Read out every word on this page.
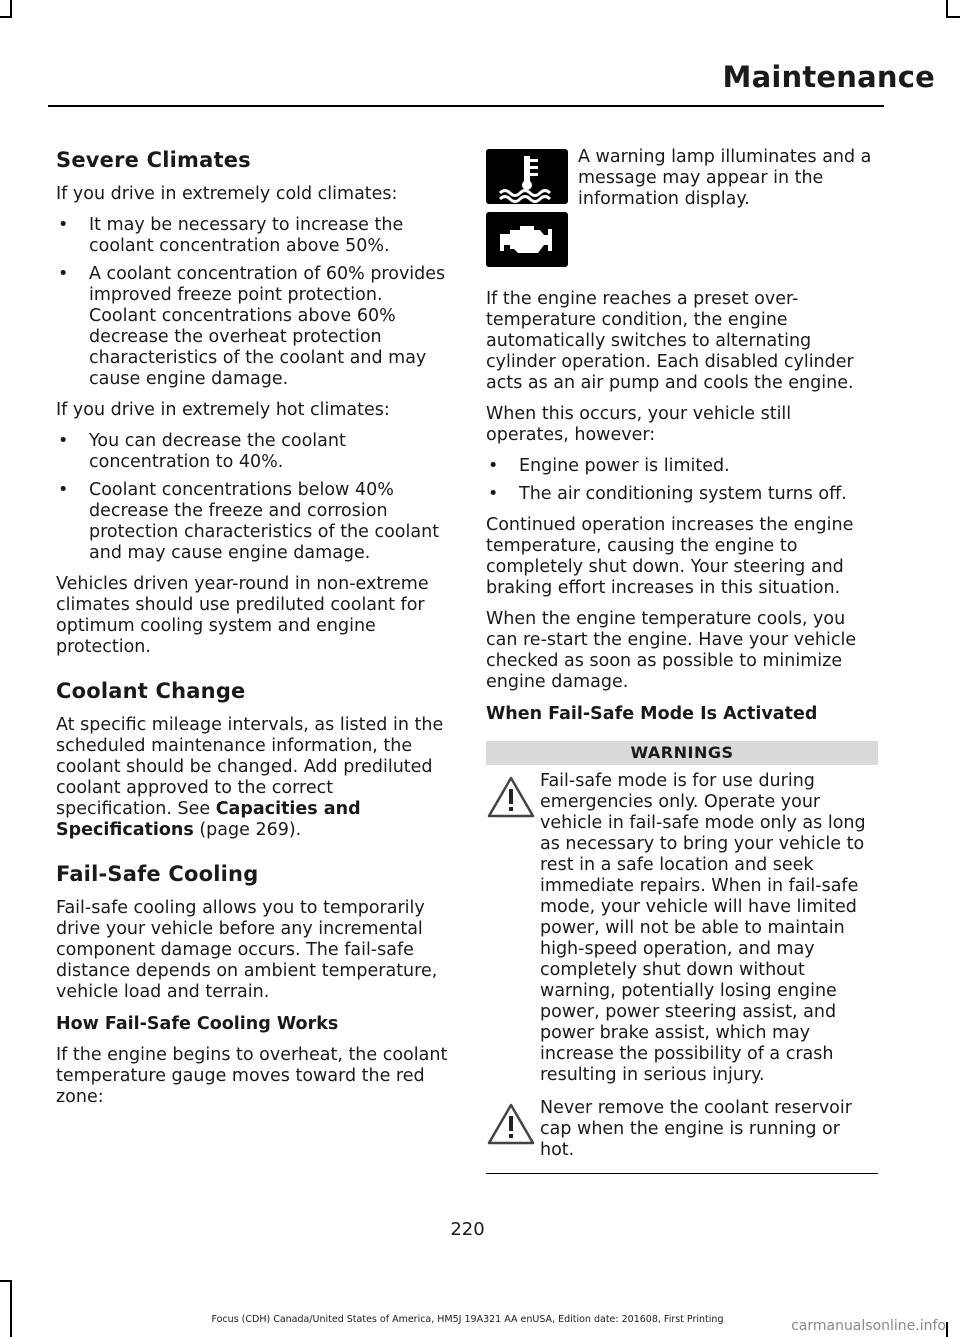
Maintenance
Severe Climates

If you drive in extremely cold climates:

• It may be necessary to increase the coolant concentration above 50%.
• A coolant concentration of 60% provides improved freeze point protection. Coolant concentrations above 60% decrease the overheat protection characteristics of the coolant and may cause engine damage.

If you drive in extremely hot climates:

• You can decrease the coolant concentration to 40%.
• Coolant concentrations below 40% decrease the freeze and corrosion protection characteristics of the coolant and may cause engine damage.

Vehicles driven year-round in non-extreme climates should use prediluted coolant for optimum cooling system and engine protection.

Coolant Change

At specific mileage intervals, as listed in the scheduled maintenance information, the coolant should be changed. Add prediluted coolant approved to the correct specification. See Capacities and Specifications (page 269).

Fail-Safe Cooling

Fail-safe cooling allows you to temporarily drive your vehicle before any incremental component damage occurs. The fail-safe distance depends on ambient temperature, vehicle load and terrain.

How Fail-Safe Cooling Works

If the engine begins to overheat, the coolant temperature gauge moves toward the red zone:

A warning lamp illuminates and a message may appear in the information display.

If the engine reaches a preset over-temperature condition, the engine automatically switches to alternating cylinder operation. Each disabled cylinder acts as an air pump and cools the engine.

When this occurs, your vehicle still operates, however:

• Engine power is limited.
• The air conditioning system turns off.

Continued operation increases the engine temperature, causing the engine to completely shut down. Your steering and braking effort increases in this situation.

When the engine temperature cools, you can re-start the engine. Have your vehicle checked as soon as possible to minimize engine damage.

When Fail-Safe Mode Is Activated
WARNINGS

Fail-safe mode is for use during emergencies only. Operate your vehicle in fail-safe mode only as long as necessary to bring your vehicle to rest in a safe location and seek immediate repairs. When in fail-safe mode, your vehicle will have limited power, will not be able to maintain high-speed operation, and may completely shut down without warning, potentially losing engine power, power steering assist, and power brake assist, which may increase the possibility of a crash resulting in serious injury.

Never remove the coolant reservoir cap when the engine is running or hot.

220
Focus (CDH) Canada/United States of America, HM5J 19A321 AA enUSA, Edition date: 201608, First Printing	carmanualsonline.info
